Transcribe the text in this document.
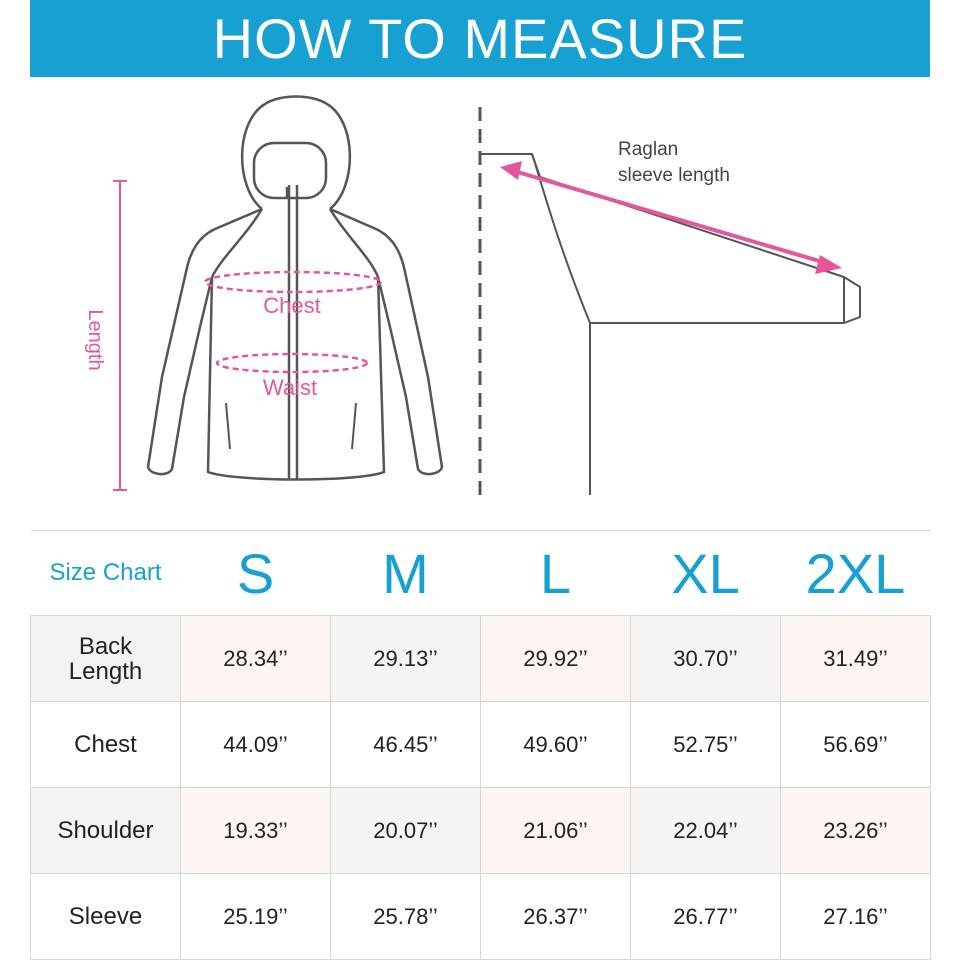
HOW TO MEASURE
Length
Chest
Waist
Raglan
sleeve length
Size Chart	S	M	L	XL	2XL
Back
Length	28.34’’	29.13’’	29.92’’	30.70’’	31.49’’
Chest	44.09’’	46.45’’	49.60’’	52.75’’	56.69’’
Shoulder	19.33’’	20.07’’	21.06’’	22.04’’	23.26’’
Sleeve	25.19’’	25.78’’	26.37’’	26.77’’	27.16’’
